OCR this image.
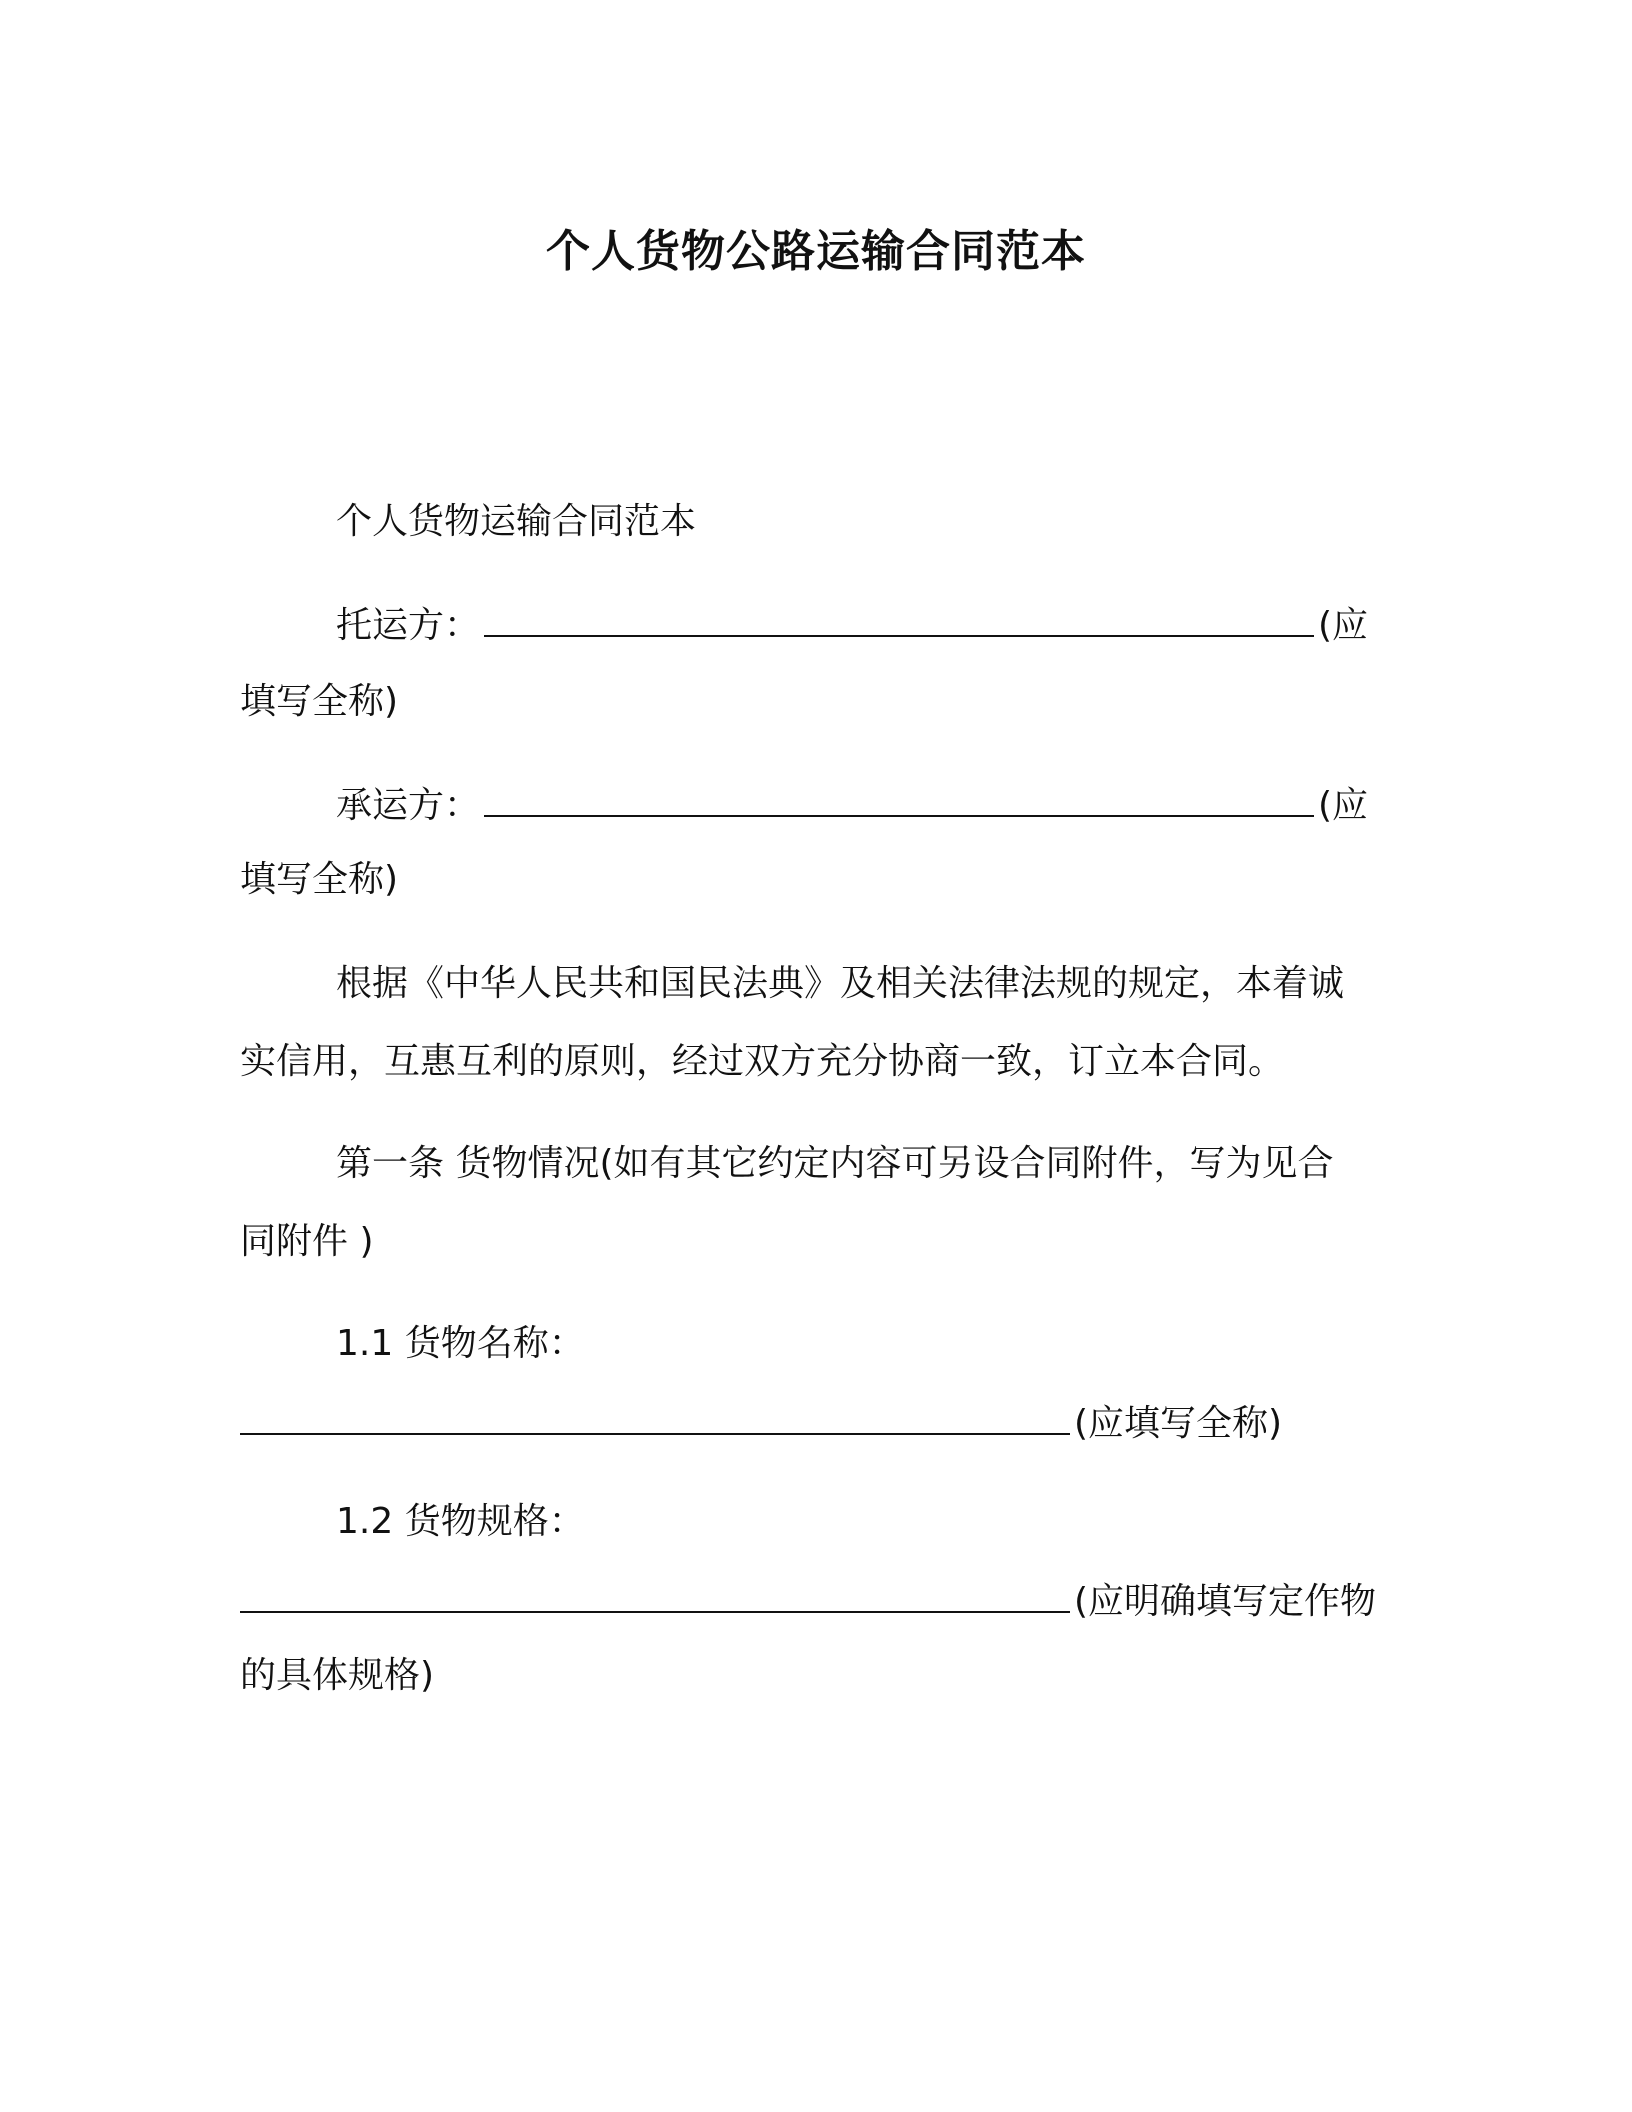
个人货物公路运输合同范本
个人货物运输合同范本
托运方：	(应
填写全称)
承运方：	(应
填写全称)
根据《中华人民共和国民法典》及相关法律法规的规定，本着诚
实信用，互惠互利的原则，经过双方充分协商一致，订立本合同。
第一条 货物情况(如有其它约定内容可另设合同附件，写为见合
同附件 )
1.1 货物名称：
(应填写全称)
1.2 货物规格：
(应明确填写定作物
的具体规格)
